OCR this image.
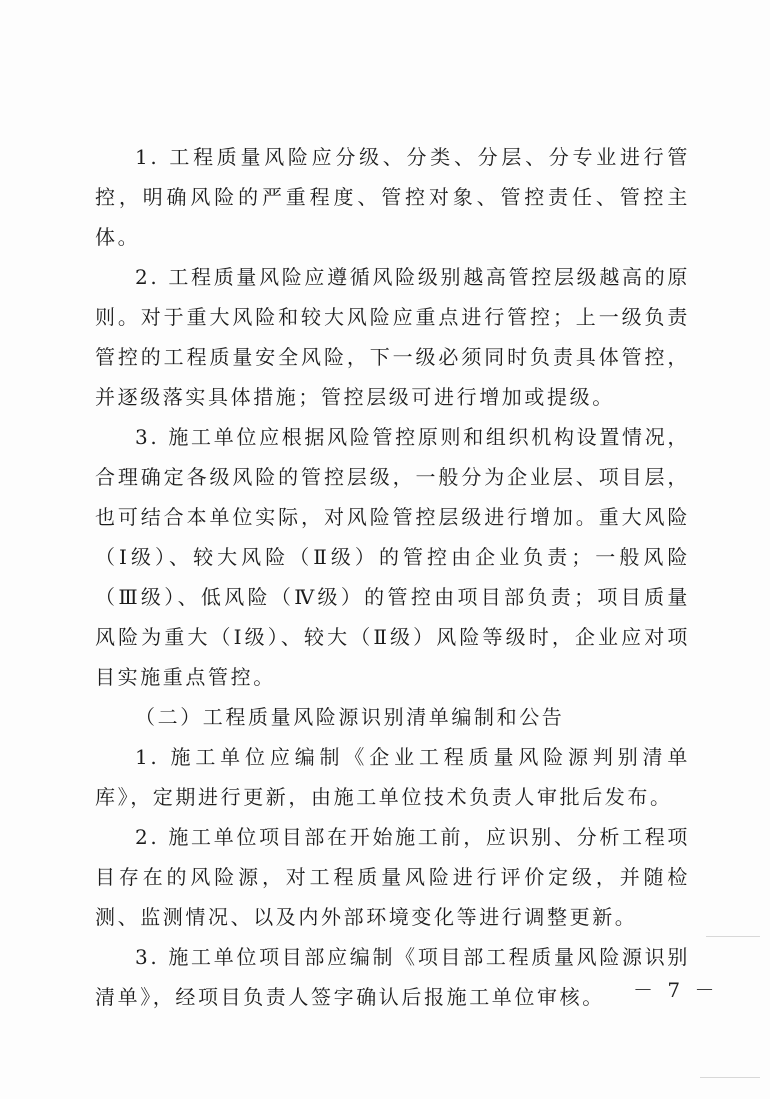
1. 工程质量风险应分级、分类、分层、分专业进行管控，明确风险的严重程度、管控对象、管控责任、管控主体。

2. 工程质量风险应遵循风险级别越高管控层级越高的原则。对于重大风险和较大风险应重点进行管控；上一级负责管控的工程质量安全风险，下一级必须同时负责具体管控，并逐级落实具体措施；管控层级可进行增加或提级。

3. 施工单位应根据风险管控原则和组织机构设置情况，合理确定各级风险的管控层级，一般分为企业层、项目层，也可结合本单位实际，对风险管控层级进行增加。重大风险（Ⅰ级）、较大风险（Ⅱ级）的管控由企业负责；一般风险（Ⅲ级）、低风险（Ⅳ级）的管控由项目部负责；项目质量风险为重大（Ⅰ级）、较大（Ⅱ级）风险等级时，企业应对项目实施重点管控。

（二）工程质量风险源识别清单编制和公告

1. 施工单位应编制《企业工程质量风险源判别清单库》，定期进行更新，由施工单位技术负责人审批后发布。

2. 施工单位项目部在开始施工前，应识别、分析工程项目存在的风险源，对工程质量风险进行评价定级，并随检测、监测情况、以及内外部环境变化等进行调整更新。

3. 施工单位项目部应编制《项目部工程质量风险源识别清单》，经项目负责人签字确认后报施工单位审核。	－ 7 －
